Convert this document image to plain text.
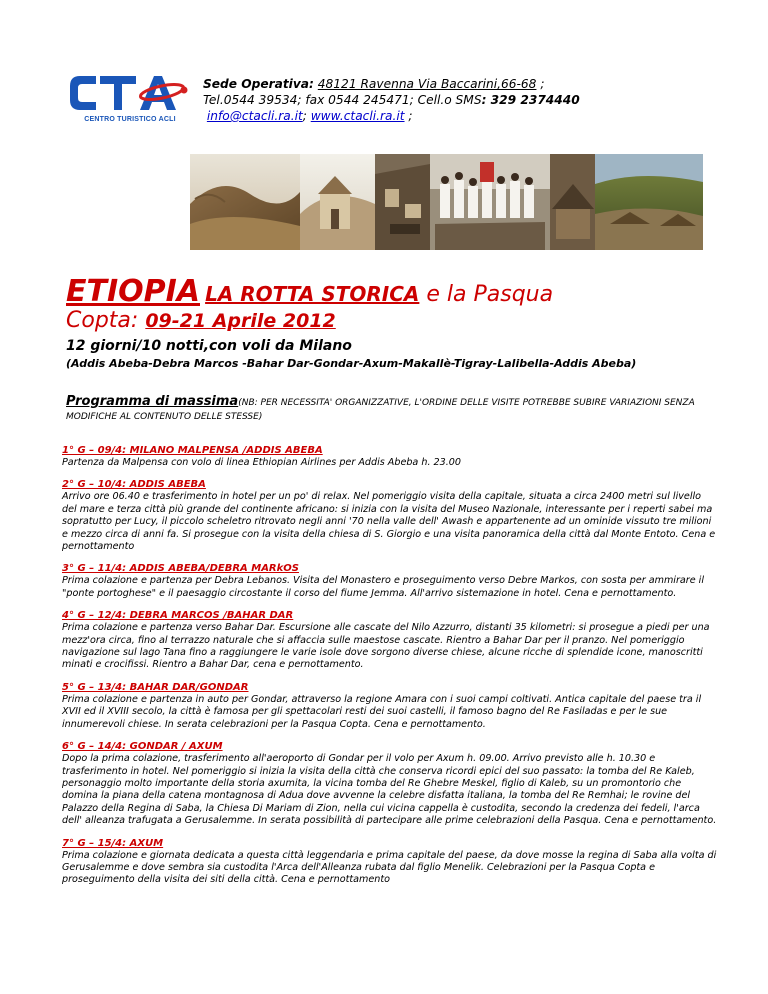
CENTRO TURISTICO ACLI
Sede Operativa: 48121 Ravenna Via Baccarini,66-68 ;
Tel.0544 39534; fax 0544 245471; Cell.o SMS: 329 2374440
info@ctacli.ra.it; www.ctacli.ra.it ;
ETIOPIA LA ROTTA STORICA e la Pasqua
Copta: 09-21 Aprile 2012
12 giorni/10 notti,con voli da Milano
(Addis Abeba-Debra Marcos -Bahar Dar-Gondar-Axum-Makallè-Tigray-Lalibella-Addis Abeba)
Programma di massima(NB: PER NECESSITA' ORGANIZZATIVE, L'ORDINE DELLE VISITE POTREBBE SUBIRE VARIAZIONI SENZA MODIFICHE AL CONTENUTO DELLE STESSE)
1° G – 09/4: MILANO MALPENSA /ADDIS ABEBA
Partenza da Malpensa con volo di linea Ethiopian Airlines per Addis Abeba h. 23.00
2° G – 10/4: ADDIS ABEBA
Arrivo ore 06.40 e trasferimento in hotel per un po' di relax. Nel pomeriggio visita della capitale, situata a circa 2400 metri sul livello del mare e terza città più grande del continente africano: si inizia con la visita del Museo Nazionale, interessante per i reperti sabei ma sopratutto per Lucy, il piccolo scheletro ritrovato negli anni '70 nella valle dell' Awash e appartenente ad un ominide vissuto tre milioni e mezzo circa di anni fa. Si prosegue con la visita della chiesa di S. Giorgio e una visita panoramica della città dal Monte Entoto. Cena e pernottamento
3° G – 11/4: ADDIS ABEBA/DEBRA MARkOS
Prima colazione e partenza per Debra Lebanos. Visita del Monastero e proseguimento verso Debre Markos, con sosta per ammirare il "ponte portoghese" e il paesaggio circostante il corso del fiume Jemma. All'arrivo sistemazione in hotel. Cena e pernottamento.
4° G – 12/4: DEBRA MARCOS /BAHAR DAR
Prima colazione e partenza verso Bahar Dar. Escursione alle cascate del Nilo Azzurro, distanti 35 kilometri: si prosegue a piedi per una mezz'ora circa, fino al terrazzo naturale che si affaccia sulle maestose cascate. Rientro a Bahar Dar per il pranzo. Nel pomeriggio navigazione sul lago Tana fino a raggiungere le varie isole dove sorgono diverse chiese, alcune ricche di splendide icone, manoscritti minati e crocifissi. Rientro a Bahar Dar, cena e pernottamento.
5° G – 13/4: BAHAR DAR/GONDAR
Prima colazione e partenza in auto per Gondar, attraverso la regione Amara con i suoi campi coltivati. Antica capitale del paese tra il XVII ed il XVIII secolo, la città è famosa per gli spettacolari resti dei suoi castelli, il famoso bagno del Re Fasiladas e per le sue innumerevoli chiese. In serata celebrazioni per la Pasqua Copta. Cena e pernottamento.
6° G – 14/4: GONDAR / AXUM
Dopo la prima colazione, trasferimento all'aeroporto di Gondar per il volo per Axum h. 09.00. Arrivo previsto alle h. 10.30 e trasferimento in hotel. Nel pomeriggio si inizia la visita della città che conserva ricordi epici del suo passato: la tomba del Re Kaleb, personaggio molto importante della storia axumita, la vicina tomba del Re Ghebre Meskel, figlio di Kaleb, su un promontorio che domina la piana della catena montagnosa di Adua dove avvenne la celebre disfatta italiana, la tomba del Re Remhai; le rovine del Palazzo della Regina di Saba, la Chiesa Di Mariam di Zion, nella cui vicina cappella è custodita, secondo la credenza dei fedeli, l'arca dell' alleanza trafugata a Gerusalemme. In serata possibilità di partecipare alle prime celebrazioni della Pasqua. Cena e pernottamento.
7° G – 15/4: AXUM
Prima colazione e giornata dedicata a questa città leggendaria e prima capitale del paese, da dove mosse la regina di Saba alla volta di Gerusalemme e dove sembra sia custodita l'Arca dell'Alleanza rubata dal figlio Menelik. Celebrazioni per la Pasqua Copta e proseguimento della visita dei siti della città. Cena e pernottamento
